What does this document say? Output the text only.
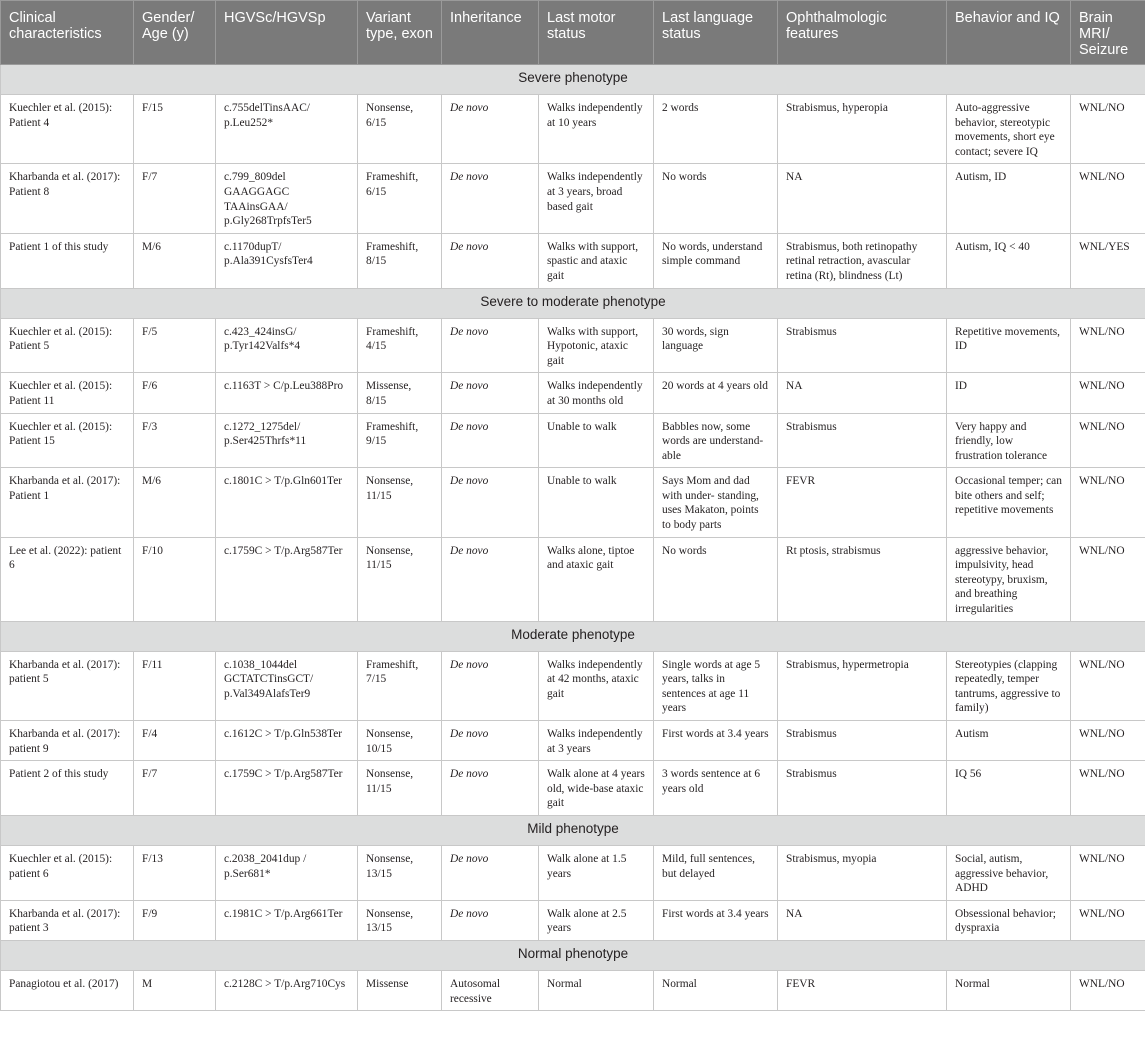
Clinical characteristics	Gender/ Age (y)	HGVSc/HGVSp	Variant type, exon	Inheritance	Last motor status	Last language status	Ophthalmologic features	Behavior and IQ	Brain MRI/ Seizure
Severe phenotype									
Kuechler et al. (2015): Patient 4	F/15	c.755delTinsAAC/ p.Leu252*	Nonsense, 6/15	De novo	Walks independently at 10 years	2 words	Strabismus, hyperopia	Auto-aggressive behavior, stereotypic movements, short eye contact; severe IQ	WNL/NO
Kharbanda et al. (2017): Patient 8	F/7	c.799_809del GAAGGAGC TAAinsGAA/ p.Gly268TrpfsTer5	Frameshift, 6/15	De novo	Walks independently at 3 years, broad based gait	No words	NA	Autism, ID	WNL/NO
Patient 1 of this study	M/6	c.1170dupT/ p.Ala391CysfsTer4	Frameshift, 8/15	De novo	Walks with support, spastic and ataxic gait	No words, understand simple command	Strabismus, both retinopathy retinal retraction, avascular retina (Rt), blindness (Lt)	Autism, IQ < 40	WNL/YES
Severe to moderate phenotype									
Kuechler et al. (2015): Patient 5	F/5	c.423_424insG/ p.Tyr142Valfs*4	Frameshift, 4/15	De novo	Walks with support, Hypotonic, ataxic gait	30 words, sign language	Strabismus	Repetitive movements, ID	WNL/NO
Kuechler et al. (2015): Patient 11	F/6	c.1163T > C/p.Leu388Pro	Missense, 8/15	De novo	Walks independently at 30 months old	20 words at 4 years old	NA	ID	WNL/NO
Kuechler et al. (2015): Patient 15	F/3	c.1272_1275del/ p.Ser425Thrfs*11	Frameshift, 9/15	De novo	Unable to walk	Babbles now, some words are understand-able	Strabismus	Very happy and friendly, low frustration tolerance	WNL/NO
Kharbanda et al. (2017): Patient 1	M/6	c.1801C > T/p.Gln601Ter	Nonsense, 11/15	De novo	Unable to walk	Says Mom and dad with under- standing, uses Makaton, points to body parts	FEVR	Occasional temper; can bite others and self; repetitive movements	WNL/NO
Lee et al. (2022): patient 6	F/10	c.1759C > T/p.Arg587Ter	Nonsense, 11/15	De novo	Walks alone, tiptoe and ataxic gait	No words	Rt ptosis, strabismus	aggressive behavior, impulsivity, head stereotypy, bruxism, and breathing irregularities	WNL/NO
Moderate phenotype									
Kharbanda et al. (2017): patient 5	F/11	c.1038_1044del GCTATCTinsGCT/ p.Val349AlafsTer9	Frameshift, 7/15	De novo	Walks independently at 42 months, ataxic gait	Single words at age 5 years, talks in sentences at age 11 years	Strabismus, hypermetropia	Stereotypies (clapping repeatedly, temper tantrums, aggressive to family)	WNL/NO
Kharbanda et al. (2017): patient 9	F/4	c.1612C > T/p.Gln538Ter	Nonsense, 10/15	De novo	Walks independently at 3 years	First words at 3.4 years	Strabismus	Autism	WNL/NO
Patient 2 of this study	F/7	c.1759C > T/p.Arg587Ter	Nonsense, 11/15	De novo	Walk alone at 4 years old, wide-base ataxic gait	3 words sentence at 6 years old	Strabismus	IQ 56	WNL/NO
Mild phenotype									
Kuechler et al. (2015): patient 6	F/13	c.2038_2041dup / p.Ser681*	Nonsense, 13/15	De novo	Walk alone at 1.5 years	Mild, full sentences, but delayed	Strabismus, myopia	Social, autism, aggressive behavior, ADHD	WNL/NO
Kharbanda et al. (2017): patient 3	F/9	c.1981C > T/p.Arg661Ter	Nonsense, 13/15	De novo	Walk alone at 2.5 years	First words at 3.4 years	NA	Obsessional behavior; dyspraxia	WNL/NO
Normal phenotype									
Panagiotou et al. (2017)	M	c.2128C > T/p.Arg710Cys	Missense	Autosomal recessive	Normal	Normal	FEVR	Normal	WNL/NO
